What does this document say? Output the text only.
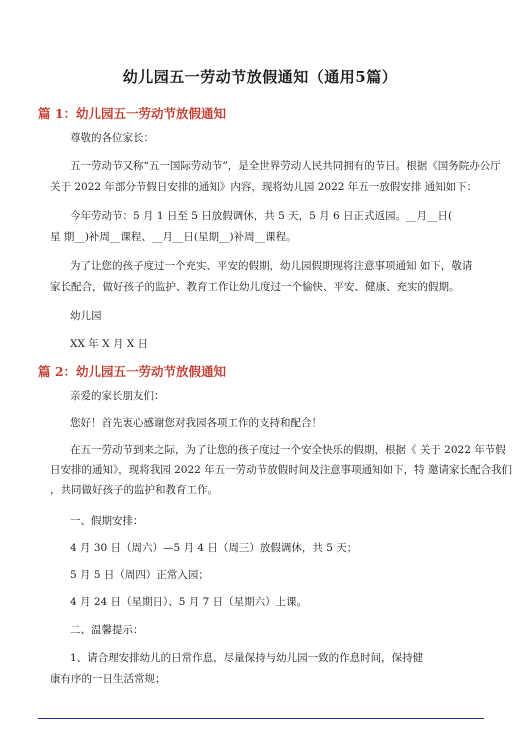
幼儿园五一劳动节放假通知（通用5篇）
篇 1：幼儿园五一劳动节放假通知
尊敬的各位家长：
五一劳动节又称“五一国际劳动节”，是全世界劳动人民共同拥有的节日。根据《国务院办公厅
关于 2022 年部分节假日安排的通知》内容，现将幼儿园 2022 年五一放假安排 通知如下：
今年劳动节：5 月 1 日至 5 日放假调休，共 5 天，5 月 6 日正式返园。__月__日(
星 期__)补周__课程、__月__日(星期__)补周__课程。
为了让您的孩子度过一个充实、平安的假期，幼儿园假期现将注意事项通知 如下，敬请
家长配合，做好孩子的监护、教育工作让幼儿度过一个愉快、平安、健康、充实的假期。
幼儿园
XX 年 X 月 X 日
篇 2：幼儿园五一劳动节放假通知
亲爱的家长朋友们：
您好！首先衷心感谢您对我园各项工作的支持和配合！
在五一劳动节到来之际，为了让您的孩子度过一个安全快乐的假期，根据《 关于 2022 年节假
日安排的通知》，现将我园 2022 年五一劳动节放假时间及注意事项通知如下，特 邀请家长配合我们
，共同做好孩子的监护和教育工作。
一、假期安排：
4 月 30 日（周六）—5 月 4 日（周三）放假调休，共 5 天；
5 月 5 日（周四）正常入园；
4 月 24 日（星期日）、5 月 7 日（星期六）上课。
二、温馨提示：
1、请合理安排幼儿的日常作息，尽量保持与幼儿园一致的作息时间，保持健
康有序的一日生活常规；
